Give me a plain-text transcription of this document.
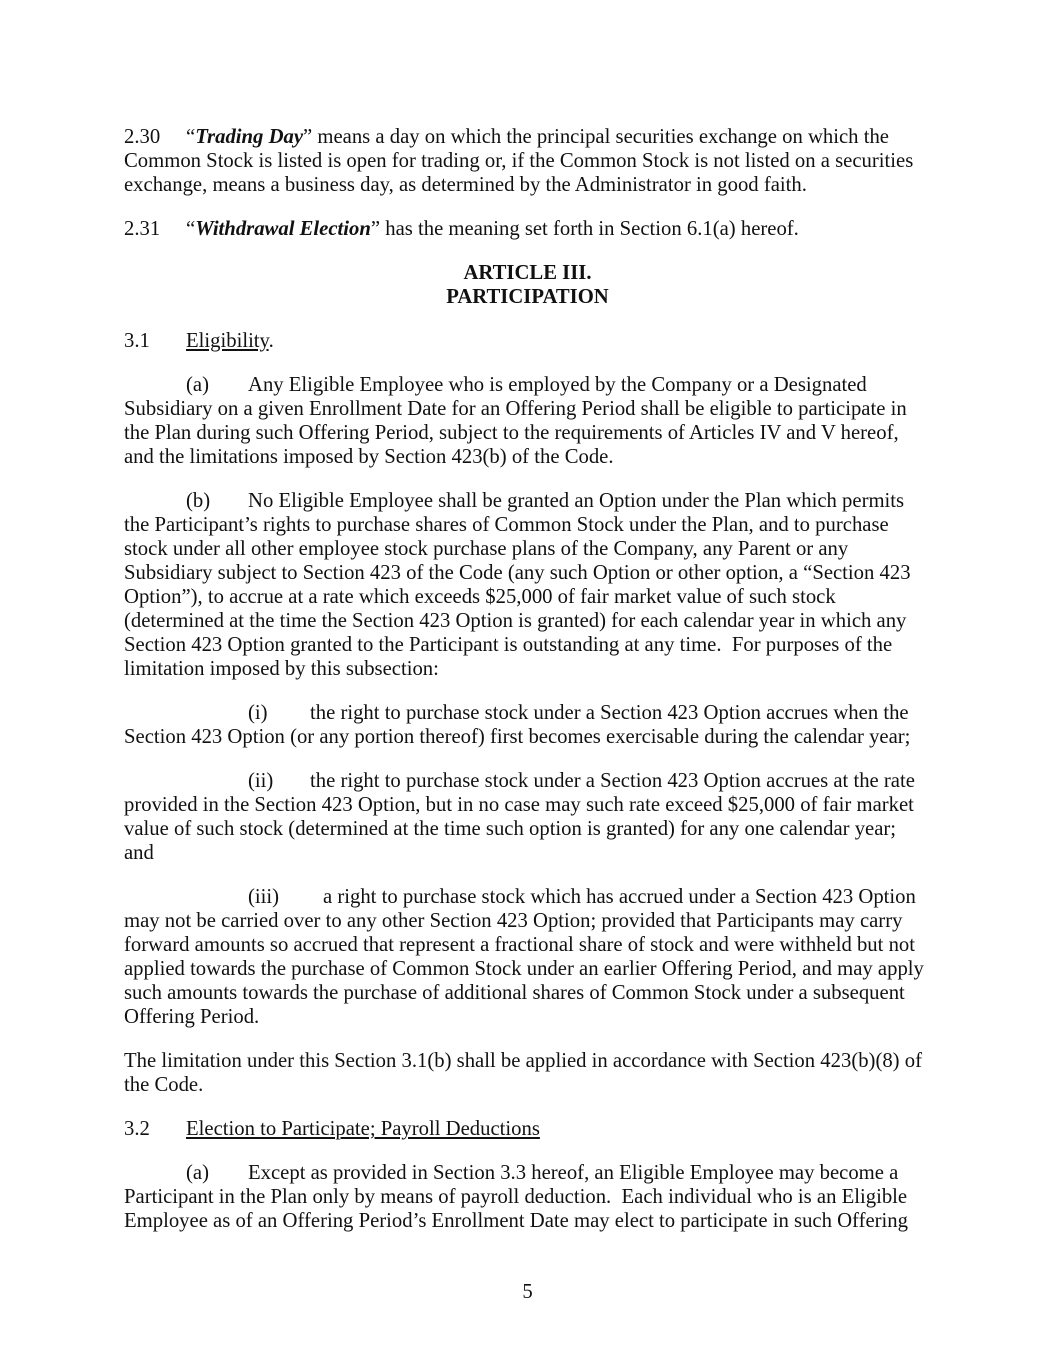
2.30 “Trading Day” means a day on which the principal securities exchange on which the
Common Stock is listed is open for trading or, if the Common Stock is not listed on a securities
exchange, means a business day, as determined by the Administrator in good faith.
2.31 “Withdrawal Election” has the meaning set forth in Section 6.1(a) hereof.
ARTICLE III.
PARTICIPATION
3.1 Eligibility.
(a) Any Eligible Employee who is employed by the Company or a Designated
Subsidiary on a given Enrollment Date for an Offering Period shall be eligible to participate in
the Plan during such Offering Period, subject to the requirements of Articles IV and V hereof,
and the limitations imposed by Section 423(b) of the Code.
(b) No Eligible Employee shall be granted an Option under the Plan which permits
the Participant’s rights to purchase shares of Common Stock under the Plan, and to purchase
stock under all other employee stock purchase plans of the Company, any Parent or any
Subsidiary subject to Section 423 of the Code (any such Option or other option, a “Section 423
Option”), to accrue at a rate which exceeds $25,000 of fair market value of such stock
(determined at the time the Section 423 Option is granted) for each calendar year in which any
Section 423 Option granted to the Participant is outstanding at any time.  For purposes of the
limitation imposed by this subsection:
(i) the right to purchase stock under a Section 423 Option accrues when the
Section 423 Option (or any portion thereof) first becomes exercisable during the calendar year;
(ii) the right to purchase stock under a Section 423 Option accrues at the rate
provided in the Section 423 Option, but in no case may such rate exceed $25,000 of fair market
value of such stock (determined at the time such option is granted) for any one calendar year;
and
(iii) a right to purchase stock which has accrued under a Section 423 Option
may not be carried over to any other Section 423 Option; provided that Participants may carry
forward amounts so accrued that represent a fractional share of stock and were withheld but not
applied towards the purchase of Common Stock under an earlier Offering Period, and may apply
such amounts towards the purchase of additional shares of Common Stock under a subsequent
Offering Period.
The limitation under this Section 3.1(b) shall be applied in accordance with Section 423(b)(8) of
the Code.
3.2 Election to Participate; Payroll Deductions
(a) Except as provided in Section 3.3 hereof, an Eligible Employee may become a
Participant in the Plan only by means of payroll deduction.  Each individual who is an Eligible
Employee as of an Offering Period’s Enrollment Date may elect to participate in such Offering
5
